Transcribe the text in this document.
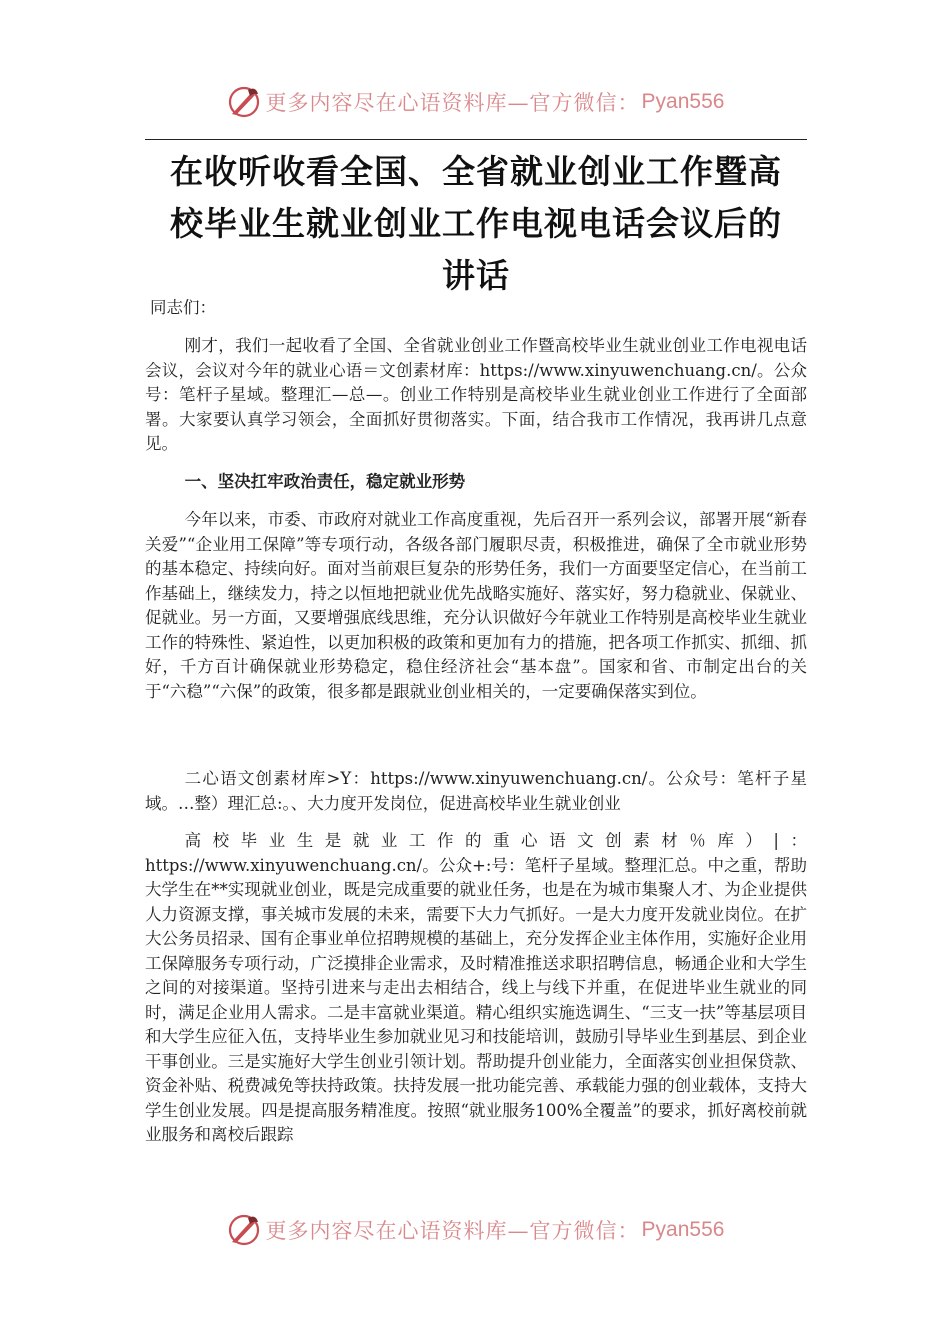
更多内容尽在心语资料库—官方微信： Pyan556
在收听收看全国、全省就业创业工作暨高
校毕业生就业创业工作电视电话会议后的
讲话
同志们：
刚才，我们一起收看了全国、全省就业创业工作暨高校毕业生就业创业工作电视电话会议，会议对今年的就业心语＝文创素材库：https://www.xinyuwenchuang.cn/。公众号：笔杆子星域。整理汇—总—。创业工作特别是高校毕业生就业创业工作进行了全面部署。大家要认真学习领会，全面抓好贯彻落实。下面，结合我市工作情况，我再讲几点意见。
一、坚决扛牢政治责任，稳定就业形势
今年以来，市委、市政府对就业工作高度重视，先后召开一系列会议，部署开展“新春关爱”“企业用工保障”等专项行动，各级各部门履职尽责，积极推进，确保了全市就业形势的基本稳定、持续向好。面对当前艰巨复杂的形势任务，我们一方面要坚定信心，在当前工作基础上，继续发力，持之以恒地把就业优先战略实施好、落实好，努力稳就业、保就业、促就业。另一方面，又要增强底线思维，充分认识做好今年就业工作特别是高校毕业生就业工作的特殊性、紧迫性，以更加积极的政策和更加有力的措施，把各项工作抓实、抓细、抓好，千方百计确保就业形势稳定，稳住经济社会“基本盘”。国家和省、市制定出台的关于“六稳”“六保”的政策，很多都是跟就业创业相关的，一定要确保落实到位。
二心语文创素材库>Y：https://www.xinyuwenchuang.cn/。公众号：笔杆子星域。…整）理汇总:。、大力度开发岗位，促进高校毕业生就业创业
高校毕业生是就业工作的重心语文创素材％库）|：https://www.xinyuwenchuang.cn/。公众+:号：笔杆子星域。整理汇总。中之重，帮助大学生在**实现就业创业，既是完成重要的就业任务，也是在为城市集聚人才、为企业提供人力资源支撑，事关城市发展的未来，需要下大力气抓好。一是大力度开发就业岗位。在扩大公务员招录、国有企事业单位招聘规模的基础上，充分发挥企业主体作用，实施好企业用工保障服务专项行动，广泛摸排企业需求，及时精准推送求职招聘信息，畅通企业和大学生之间的对接渠道。坚持引进来与走出去相结合，线上与线下并重，在促进毕业生就业的同时，满足企业用人需求。二是丰富就业渠道。精心组织实施选调生、“三支一扶”等基层项目和大学生应征入伍，支持毕业生参加就业见习和技能培训，鼓励引导毕业生到基层、到企业干事创业。三是实施好大学生创业引领计划。帮助提升创业能力，全面落实创业担保贷款、资金补贴、税费减免等扶持政策。扶持发展一批功能完善、承载能力强的创业载体，支持大学生创业发展。四是提高服务精准度。按照“就业服务100%全覆盖”的要求，抓好离校前就业服务和离校后跟踪
更多内容尽在心语资料库—官方微信： Pyan556
